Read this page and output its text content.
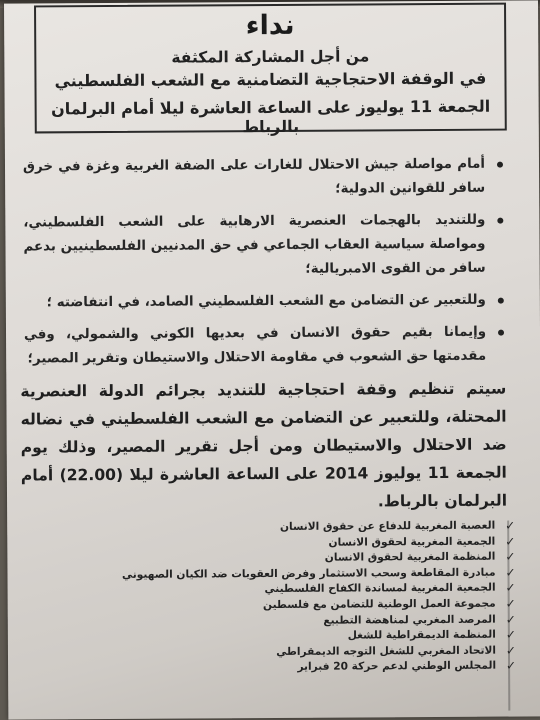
نداء
من أجل المشاركة المكثفة
في الوقفة الاحتجاجية التضامنية مع الشعب الفلسطيني
الجمعة 11 يوليوز على الساعة العاشرة ليلا أمام البرلمان بالرباط
أمام مواصلة جيش الاحتلال للغارات على الضفة الغربية وغزة في خرق سافر للقوانين الدولية؛
وللتنديد بالهجمات العنصرية الارهابية على الشعب الفلسطيني، ومواصلة سياسية العقاب الجماعي في حق المدنيين الفلسطينيين بدعم سافر من القوى الامبريالية؛
وللتعبير عن التضامن مع الشعب الفلسطيني الصامد، في انتفاضته ؛
وإيمانا بقيم حقوق الانسان في بعديها الكوني والشمولي، وفي مقدمتها حق الشعوب في مقاومة الاحتلال والاستيطان وتقرير المصير؛

سيتم تنظيم وقفة احتجاجية للتنديد بجرائم الدولة العنصرية المحتلة، وللتعبير عن التضامن مع الشعب الفلسطيني في نضاله ضد الاحتلال والاستيطان ومن أجل تقرير المصير، وذلك يوم الجمعة 11 يوليوز 2014 على الساعة العاشرة ليلا (22.00) أمام البرلمان بالرباط.

✓
العصبة المغربية للدفاع عن حقوق الانسان
✓
الجمعية المغربية لحقوق الانسان
✓
المنظمة المغربية لحقوق الانسان
✓
مبادرة المقاطعة وسحب الاستثمار وفرض العقوبات ضد الكيان الصهيوني
✓
الجمعية المغربية لمساندة الكفاح الفلسطيني
✓
مجموعة العمل الوطنية للتضامن مع فلسطين
✓
المرصد المغربي لمناهضة التطبيع
✓
المنظمة الديمقراطية للشغل
✓
الاتحاد المغربي للشغل التوجه الديمقراطي
✓
المجلس الوطني لدعم حركة 20 فبراير
